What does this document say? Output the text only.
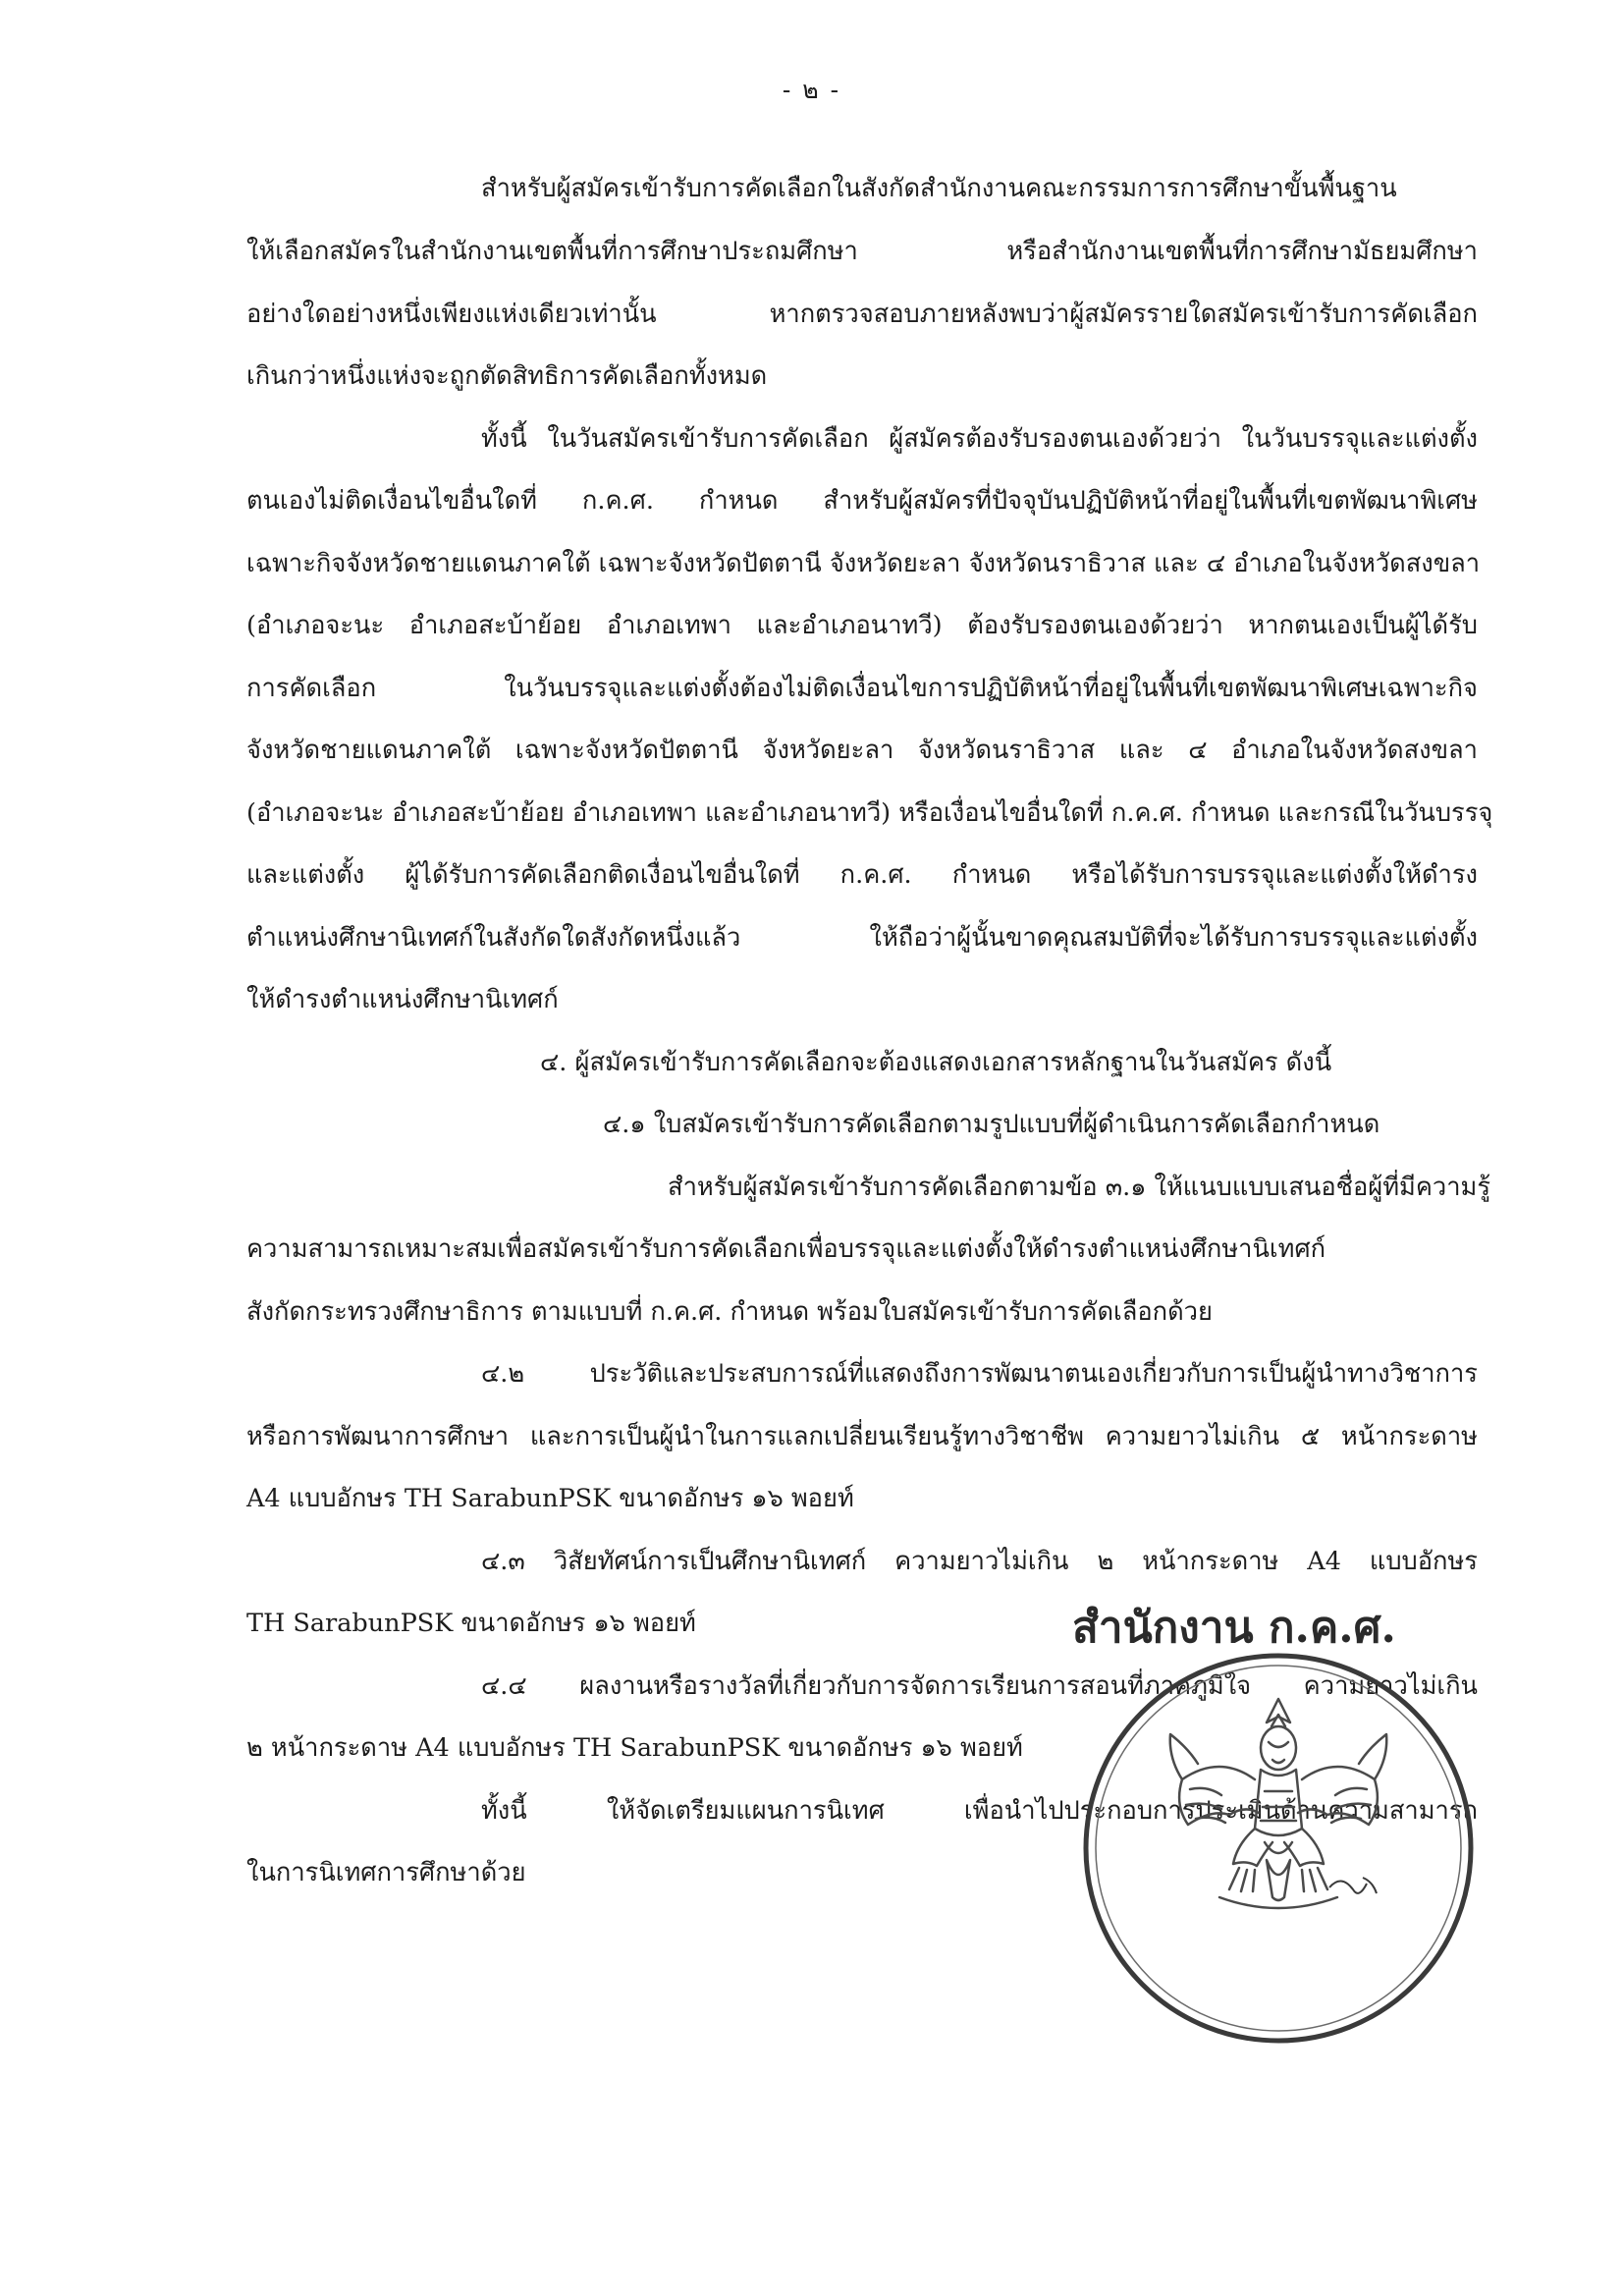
- ๒ -
สำหรับผู้สมัครเข้ารับการคัดเลือกในสังกัดสำนักงานคณะกรรมการการศึกษาขั้นพื้นฐาน
ให้เลือกสมัครในสำนักงานเขตพื้นที่การศึกษาประถมศึกษา หรือสำนักงานเขตพื้นที่การศึกษามัธยมศึกษา
อย่างใดอย่างหนึ่งเพียงแห่งเดียวเท่านั้น หากตรวจสอบภายหลังพบว่าผู้สมัครรายใดสมัครเข้ารับการคัดเลือก
เกินกว่าหนึ่งแห่งจะถูกตัดสิทธิการคัดเลือกทั้งหมด
ทั้งนี้ ในวันสมัครเข้ารับการคัดเลือก ผู้สมัครต้องรับรองตนเองด้วยว่า ในวันบรรจุและแต่งตั้ง
ตนเองไม่ติดเงื่อนไขอื่นใดที่ ก.ค.ศ. กำหนด สำหรับผู้สมัครที่ปัจจุบันปฏิบัติหน้าที่อยู่ในพื้นที่เขตพัฒนาพิเศษ
เฉพาะกิจจังหวัดชายแดนภาคใต้ เฉพาะจังหวัดปัตตานี จังหวัดยะลา จังหวัดนราธิวาส และ ๔ อำเภอในจังหวัดสงขลา
(อำเภอจะนะ อำเภอสะบ้าย้อย อำเภอเทพา และอำเภอนาทวี) ต้องรับรองตนเองด้วยว่า หากตนเองเป็นผู้ได้รับ
การคัดเลือก ในวันบรรจุและแต่งตั้งต้องไม่ติดเงื่อนไขการปฏิบัติหน้าที่อยู่ในพื้นที่เขตพัฒนาพิเศษเฉพาะกิจ
จังหวัดชายแดนภาคใต้ เฉพาะจังหวัดปัตตานี จังหวัดยะลา จังหวัดนราธิวาส และ ๔ อำเภอในจังหวัดสงขลา
(อำเภอจะนะ อำเภอสะบ้าย้อย อำเภอเทพา และอำเภอนาทวี) หรือเงื่อนไขอื่นใดที่ ก.ค.ศ. กำหนด และกรณีในวันบรรจุ
และแต่งตั้ง ผู้ได้รับการคัดเลือกติดเงื่อนไขอื่นใดที่ ก.ค.ศ. กำหนด หรือได้รับการบรรจุและแต่งตั้งให้ดำรง
ตำแหน่งศึกษานิเทศก์ในสังกัดใดสังกัดหนึ่งแล้ว ให้ถือว่าผู้นั้นขาดคุณสมบัติที่จะได้รับการบรรจุและแต่งตั้ง
ให้ดำรงตำแหน่งศึกษานิเทศก์
๔. ผู้สมัครเข้ารับการคัดเลือกจะต้องแสดงเอกสารหลักฐานในวันสมัคร ดังนี้
๔.๑ ใบสมัครเข้ารับการคัดเลือกตามรูปแบบที่ผู้ดำเนินการคัดเลือกกำหนด
สำหรับผู้สมัครเข้ารับการคัดเลือกตามข้อ ๓.๑ ให้แนบแบบเสนอชื่อผู้ที่มีความรู้
ความสามารถเหมาะสมเพื่อสมัครเข้ารับการคัดเลือกเพื่อบรรจุและแต่งตั้งให้ดำรงตำแหน่งศึกษานิเทศก์
สังกัดกระทรวงศึกษาธิการ ตามแบบที่ ก.ค.ศ. กำหนด พร้อมใบสมัครเข้ารับการคัดเลือกด้วย
๔.๒ ประวัติและประสบการณ์ที่แสดงถึงการพัฒนาตนเองเกี่ยวกับการเป็นผู้นำทางวิชาการ
หรือการพัฒนาการศึกษา และการเป็นผู้นำในการแลกเปลี่ยนเรียนรู้ทางวิชาชีพ ความยาวไม่เกิน ๕ หน้ากระดาษ
A4 แบบอักษร TH SarabunPSK ขนาดอักษร ๑๖ พอยท์
๔.๓ วิสัยทัศน์การเป็นศึกษานิเทศก์ ความยาวไม่เกิน ๒ หน้ากระดาษ A4 แบบอักษร
TH SarabunPSK ขนาดอักษร ๑๖ พอยท์
๔.๔ ผลงานหรือรางวัลที่เกี่ยวกับการจัดการเรียนการสอนที่ภาคภูมิใจ ความยาวไม่เกิน
๒ หน้ากระดาษ A4 แบบอักษร TH SarabunPSK ขนาดอักษร ๑๖ พอยท์
ทั้งนี้ ให้จัดเตรียมแผนการนิเทศ เพื่อนำไปประกอบการประเมินด้านความสามารถ
ในการนิเทศการศึกษาด้วย
สำนักงาน ก.ค.ศ.
